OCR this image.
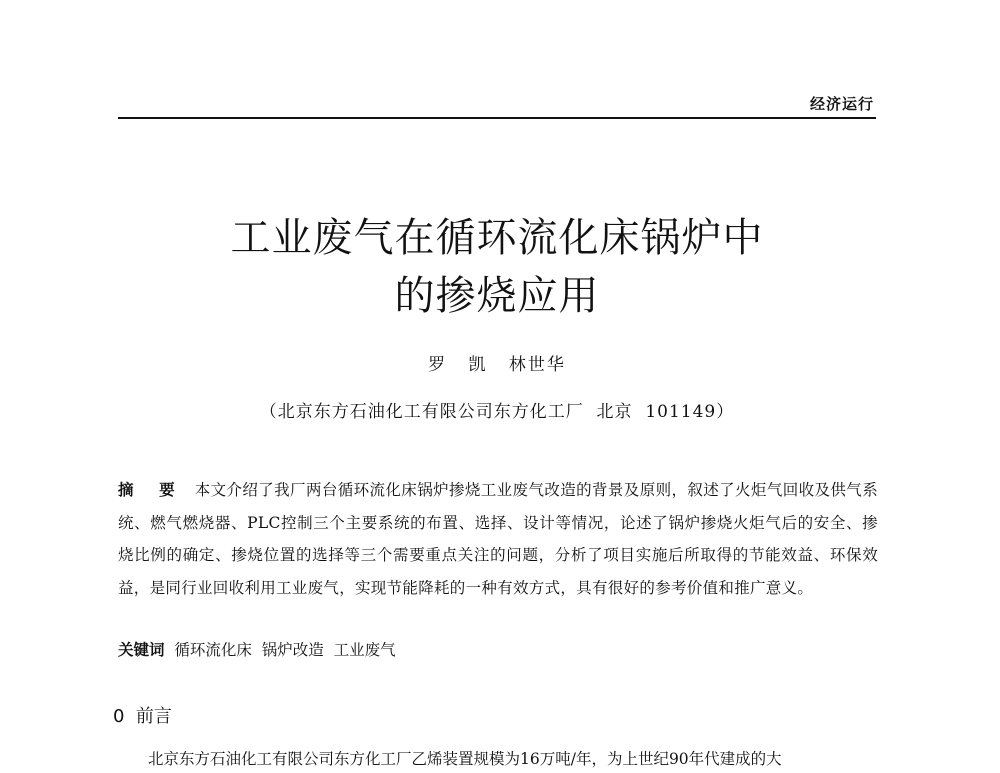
经济运行
工业废气在循环流化床锅炉中
的掺烧应用
罗 凯 林世华
（北京东方石油化工有限公司东方化工厂  北京  101149）
摘 要 本文介绍了我厂两台循环流化床锅炉掺烧工业废气改造的背景及原则，叙述了火炬气回收及供气系统、燃气燃烧器、PLC控制三个主要系统的布置、选择、设计等情况，论述了锅炉掺烧火炬气后的安全、掺烧比例的确定、掺烧位置的选择等三个需要重点关注的问题，分析了项目实施后所取得的节能效益、环保效益，是同行业回收利用工业废气，实现节能降耗的一种有效方式，具有很好的参考价值和推广意义。
关键词  循环流化床  锅炉改造  工业废气
0  前言
北京东方石油化工有限公司东方化工厂乙烯装置规模为16万吨/年，为上世纪90年代建成的大
